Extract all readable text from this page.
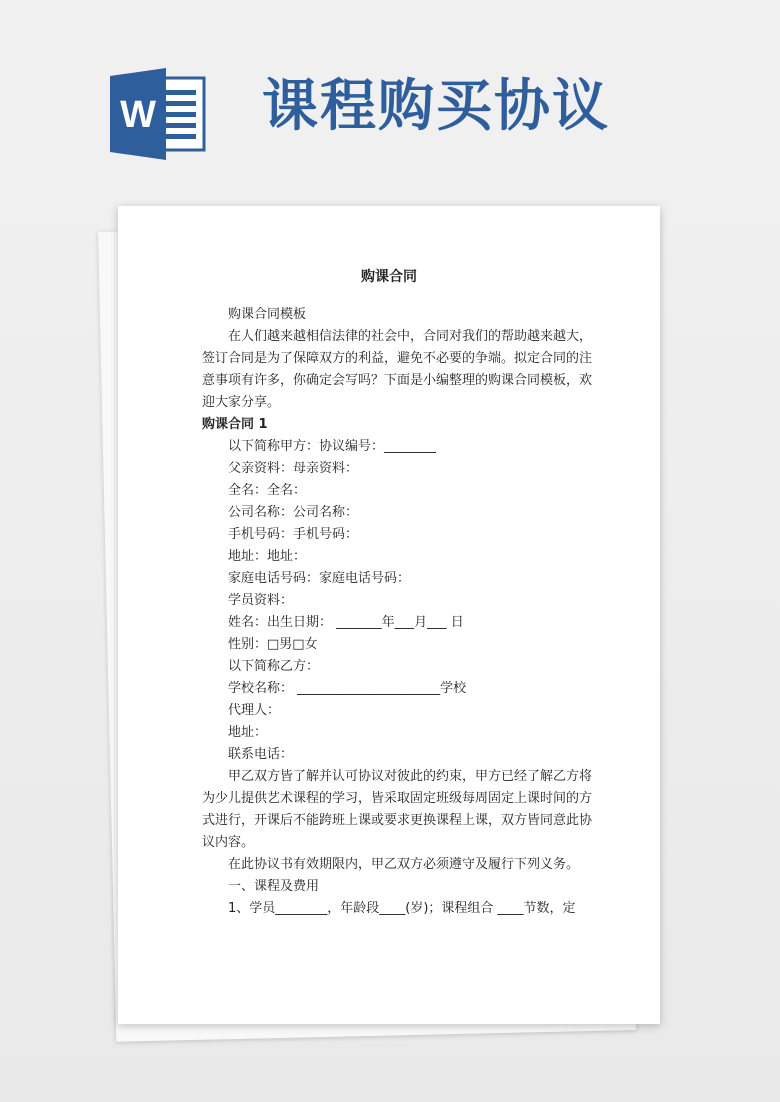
W 课程购买协议
购课合同

购课合同模板

在人们越来越相信法律的社会中，合同对我们的帮助越来越大，签订合同是为了保障双方的利益，避免不必要的争端。拟定合同的注意事项有许多，你确定会写吗？下面是小编整理的购课合同模板，欢迎大家分享。

购课合同 1

以下简称甲方：协议编号：________

父亲资料：母亲资料：

全名：全名：

公司名称：公司名称：

手机号码：手机号码：

地址：地址：

家庭电话号码：家庭电话号码：

学员资料：

姓名：出生日期： _______年___月___ 日

性别：□男□女

以下简称乙方：

学校名称： ______________________学校

代理人：

地址：

联系电话：

甲乙双方皆了解并认可协议对彼此的约束，甲方已经了解乙方将为少儿提供艺术课程的学习，皆采取固定班级每周固定上课时间的方式进行，开课后不能跨班上课或要求更换课程上课，双方皆同意此协议内容。

在此协议书有效期限内，甲乙双方必须遵守及履行下列义务。

一、课程及费用

1、学员________，年龄段____(岁)；课程组合 ____节数，定
